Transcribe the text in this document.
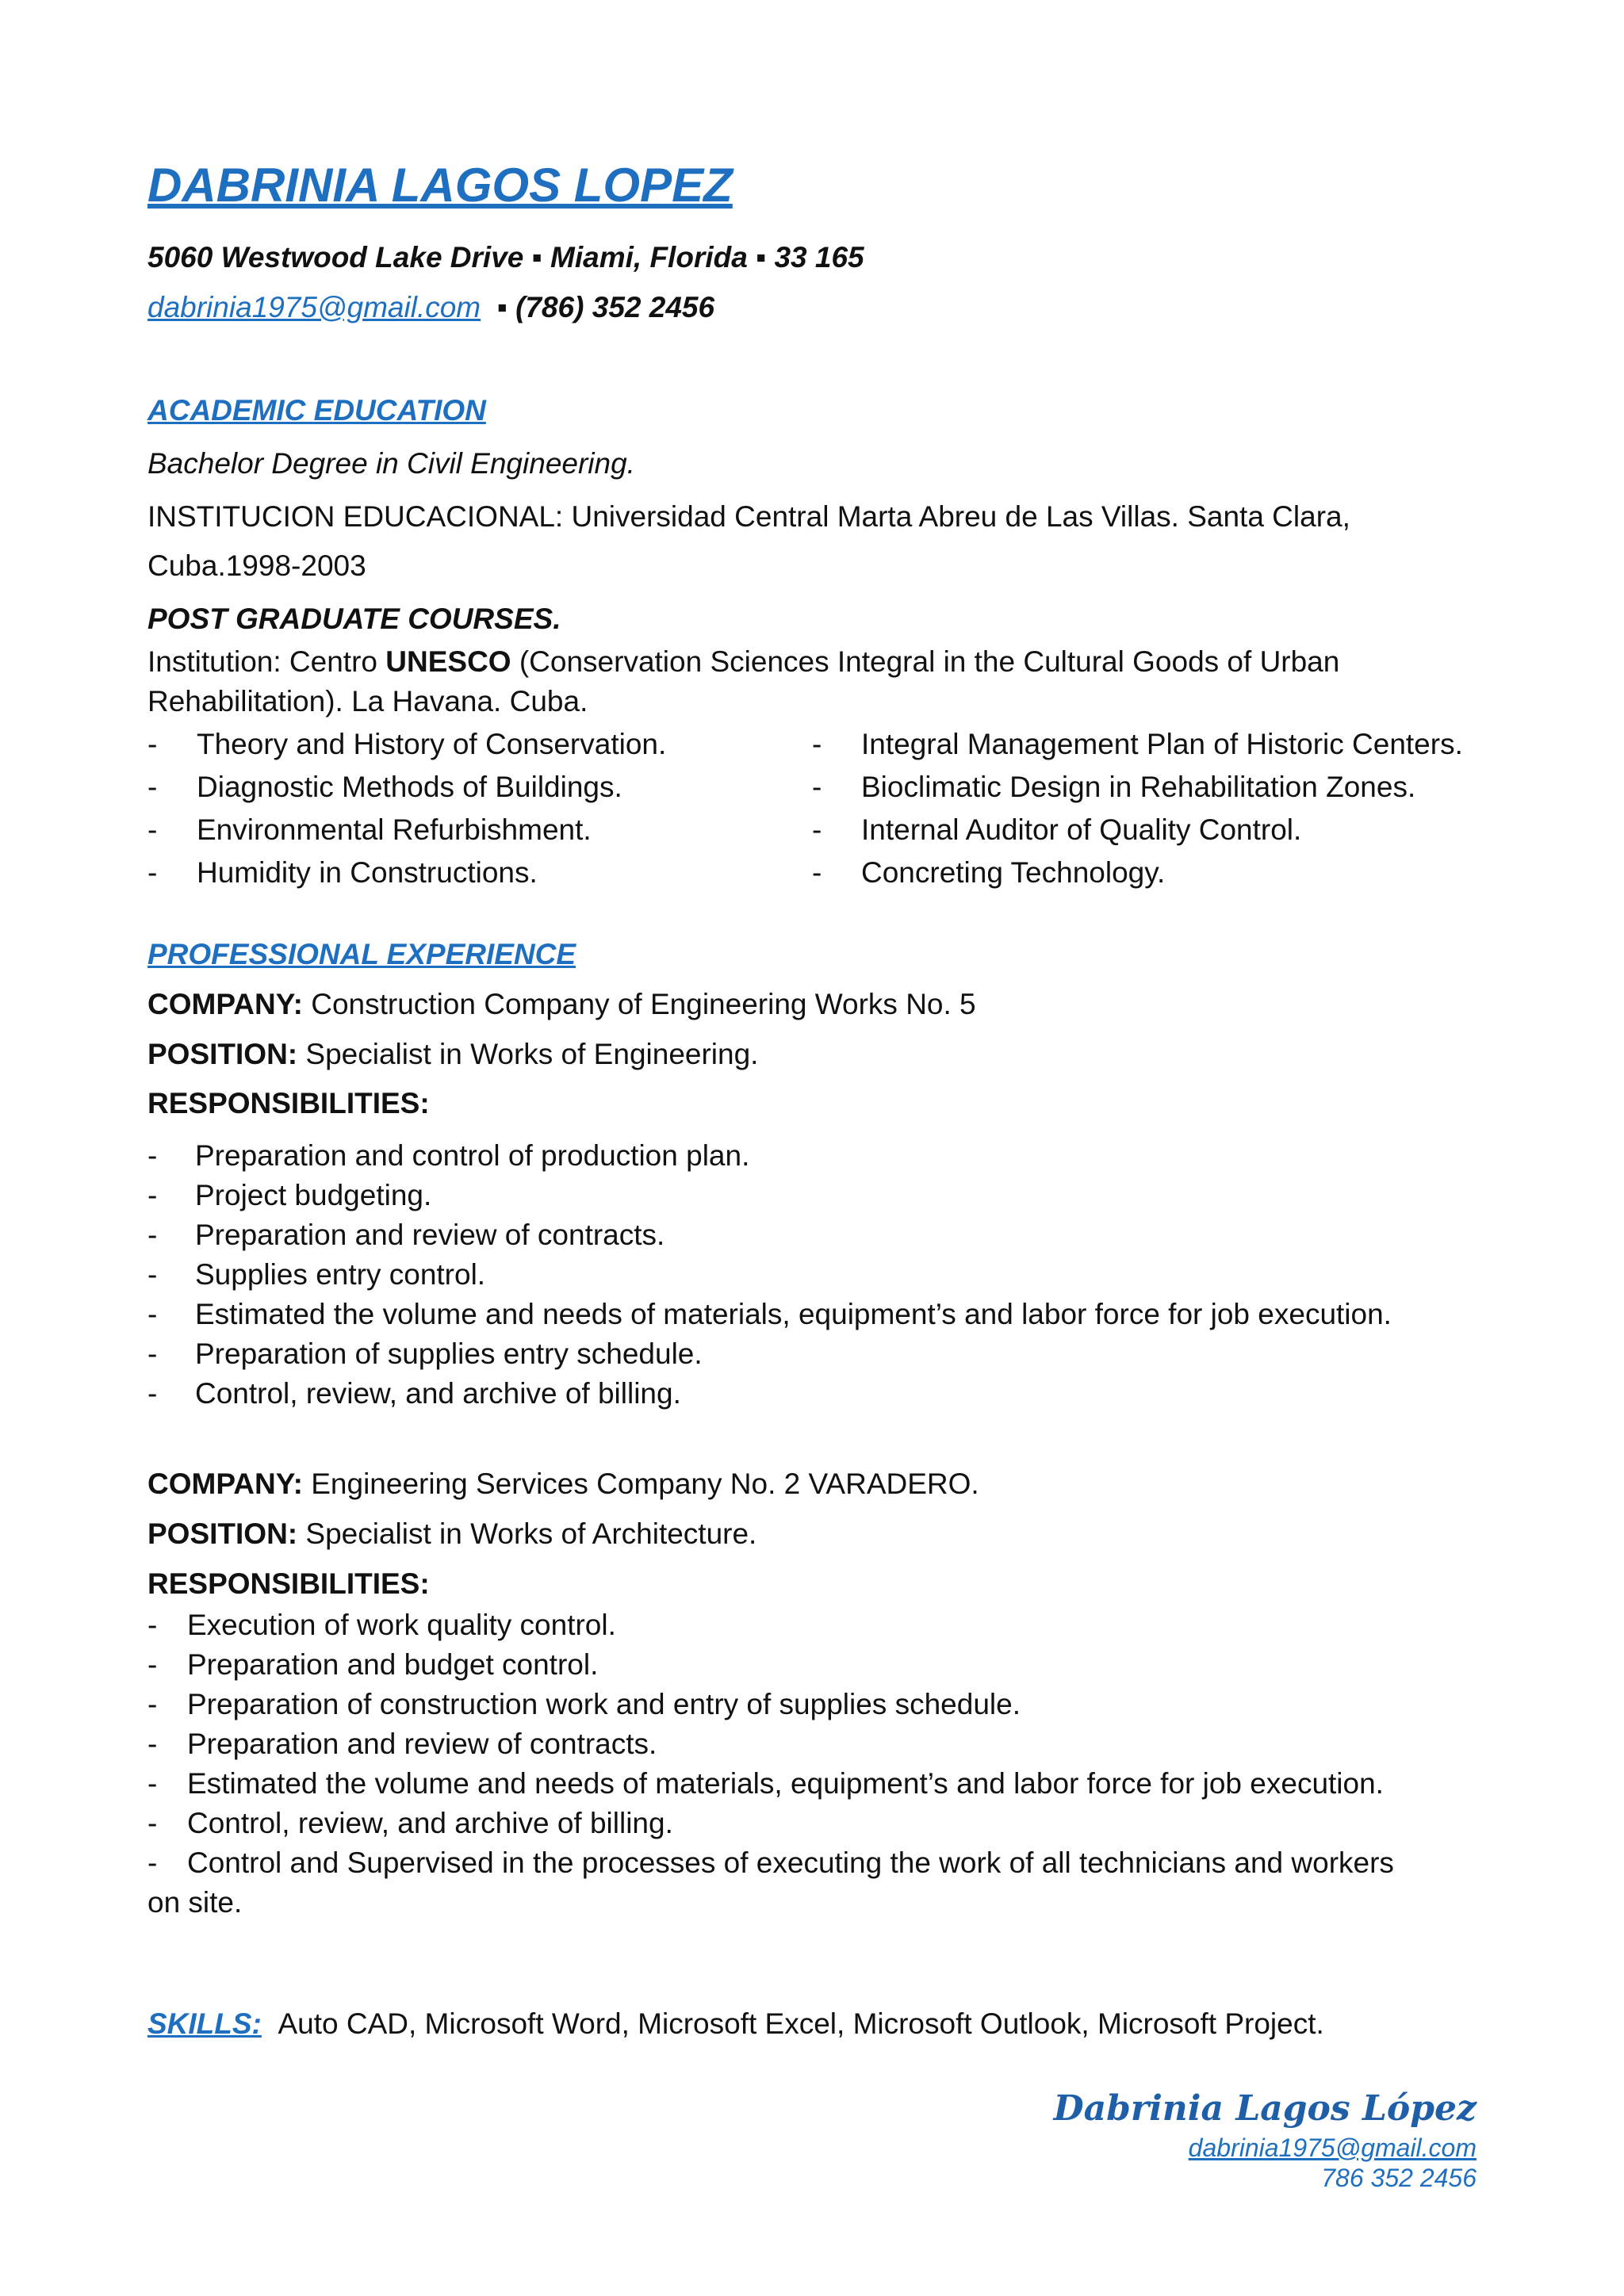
DABRINIA LAGOS LOPEZ
5060 Westwood Lake Drive ▪ Miami, Florida ▪ 33 165
dabrinia1975@gmail.com ▪ (786) 352 2456
ACADEMIC EDUCATION
Bachelor Degree in Civil Engineering.
INSTITUCION EDUCACIONAL: Universidad Central Marta Abreu de Las Villas. Santa Clara,
Cuba.1998-2003
POST GRADUATE COURSES.
Institution: Centro UNESCO (Conservation Sciences Integral in the Cultural Goods of Urban
Rehabilitation). La Havana. Cuba.
- Theory and History of Conservation.
- Diagnostic Methods of Buildings.
- Environmental Refurbishment.
- Humidity in Constructions.
- Integral Management Plan of Historic Centers.
- Bioclimatic Design in Rehabilitation Zones.
- Internal Auditor of Quality Control.
- Concreting Technology.
PROFESSIONAL EXPERIENCE
COMPANY: Construction Company of Engineering Works No. 5
POSITION: Specialist in Works of Engineering.
RESPONSIBILITIES:
- Preparation and control of production plan.
- Project budgeting.
- Preparation and review of contracts.
- Supplies entry control.
- Estimated the volume and needs of materials, equipment’s and labor force for job execution.
- Preparation of supplies entry schedule.
- Control, review, and archive of billing.
COMPANY: Engineering Services Company No. 2 VARADERO.
POSITION: Specialist in Works of Architecture.
RESPONSIBILITIES:
- Execution of work quality control.
- Preparation and budget control.
- Preparation of construction work and entry of supplies schedule.
- Preparation and review of contracts.
- Estimated the volume and needs of materials, equipment’s and labor force for job execution.
- Control, review, and archive of billing.
- Control and Supervised in the processes of executing the work of all technicians and workers on site.
SKILLS: Auto CAD, Microsoft Word, Microsoft Excel, Microsoft Outlook, Microsoft Project.
Dabrinia Lagos López
dabrinia1975@gmail.com
786 352 2456
